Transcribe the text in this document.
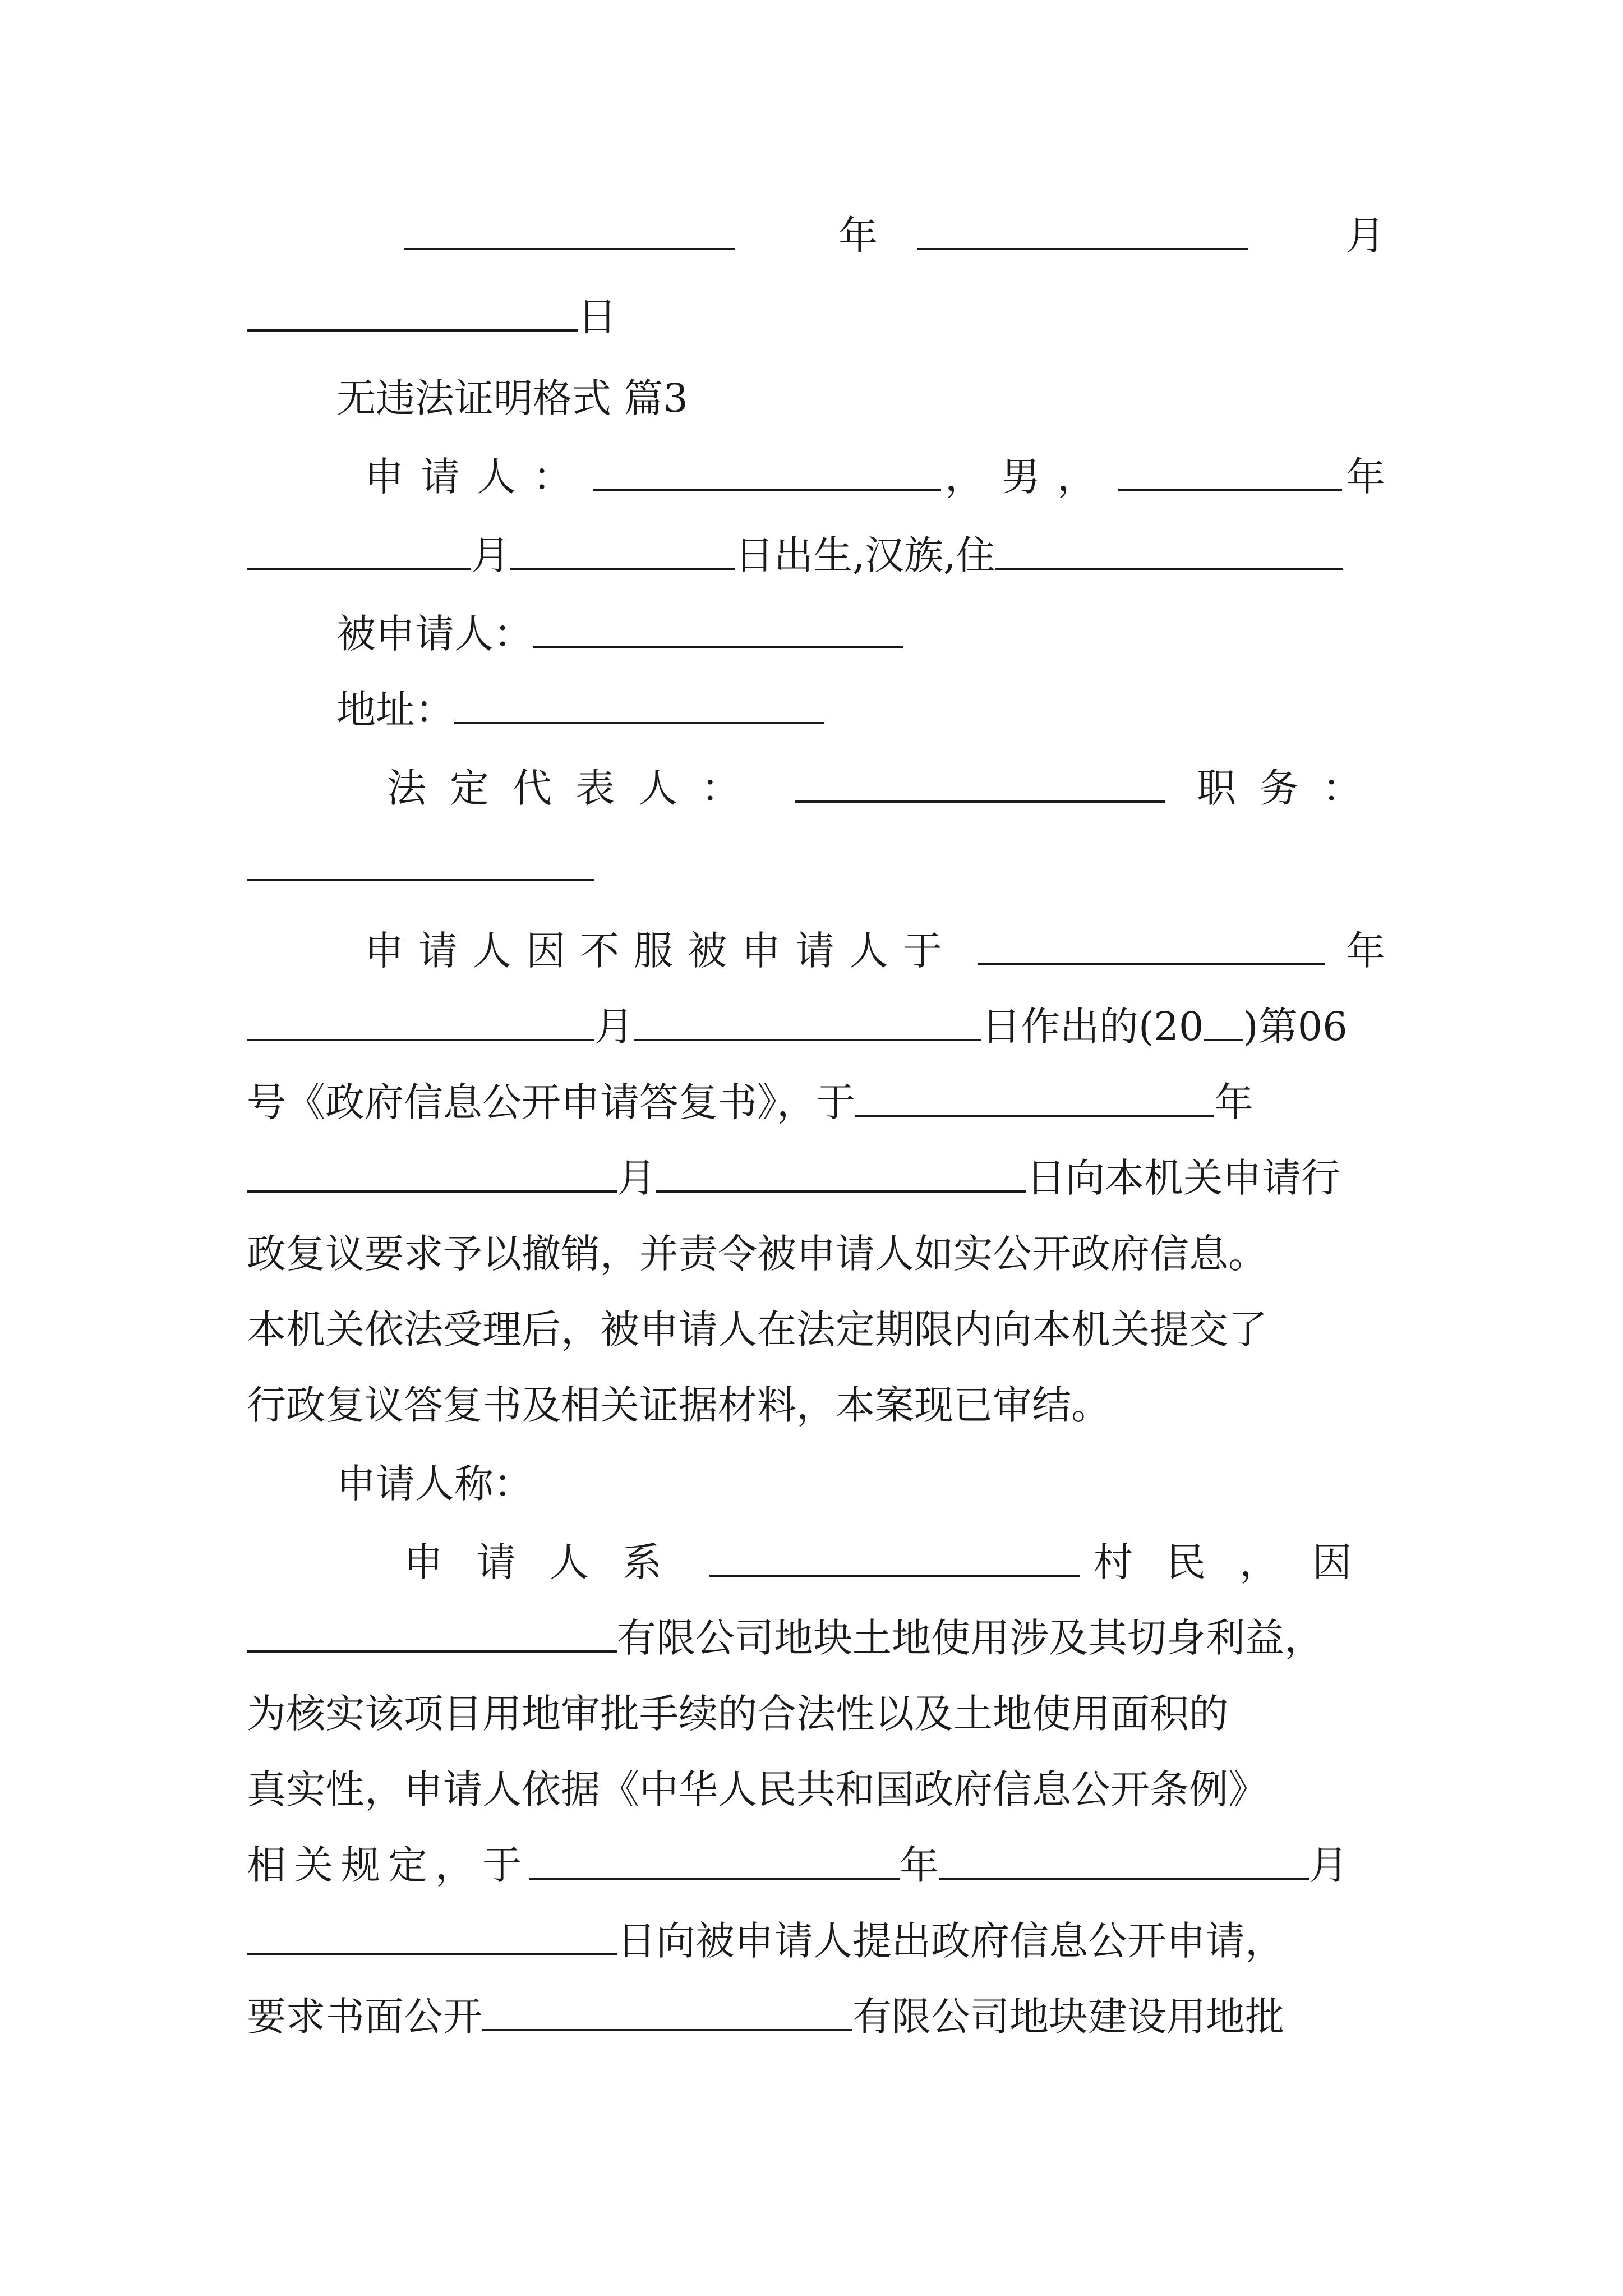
年	月
日
无违法证明格式 篇3
申请人：	，男，	年
月	日出生,汉族,住
被申请人：
地址：
法定代表人：	职务：
申请人因不服被申请人于	年
月	日作出的(20 )第06
号《政府信息公开申请答复书》，于	年
月	日向本机关申请行
政复议要求予以撤销，并责令被申请人如实公开政府信息。
本机关依法受理后，被申请人在法定期限内向本机关提交了
行政复议答复书及相关证据材料，本案现已审结。
申请人称：
申请人系	村民，因
有限公司地块土地使用涉及其切身利益，
为核实该项目用地审批手续的合法性以及土地使用面积的
真实性，申请人依据《中华人民共和国政府信息公开条例》
相关规定，于	年	月
日向被申请人提出政府信息公开申请，
要求书面公开	有限公司地块建设用地批
